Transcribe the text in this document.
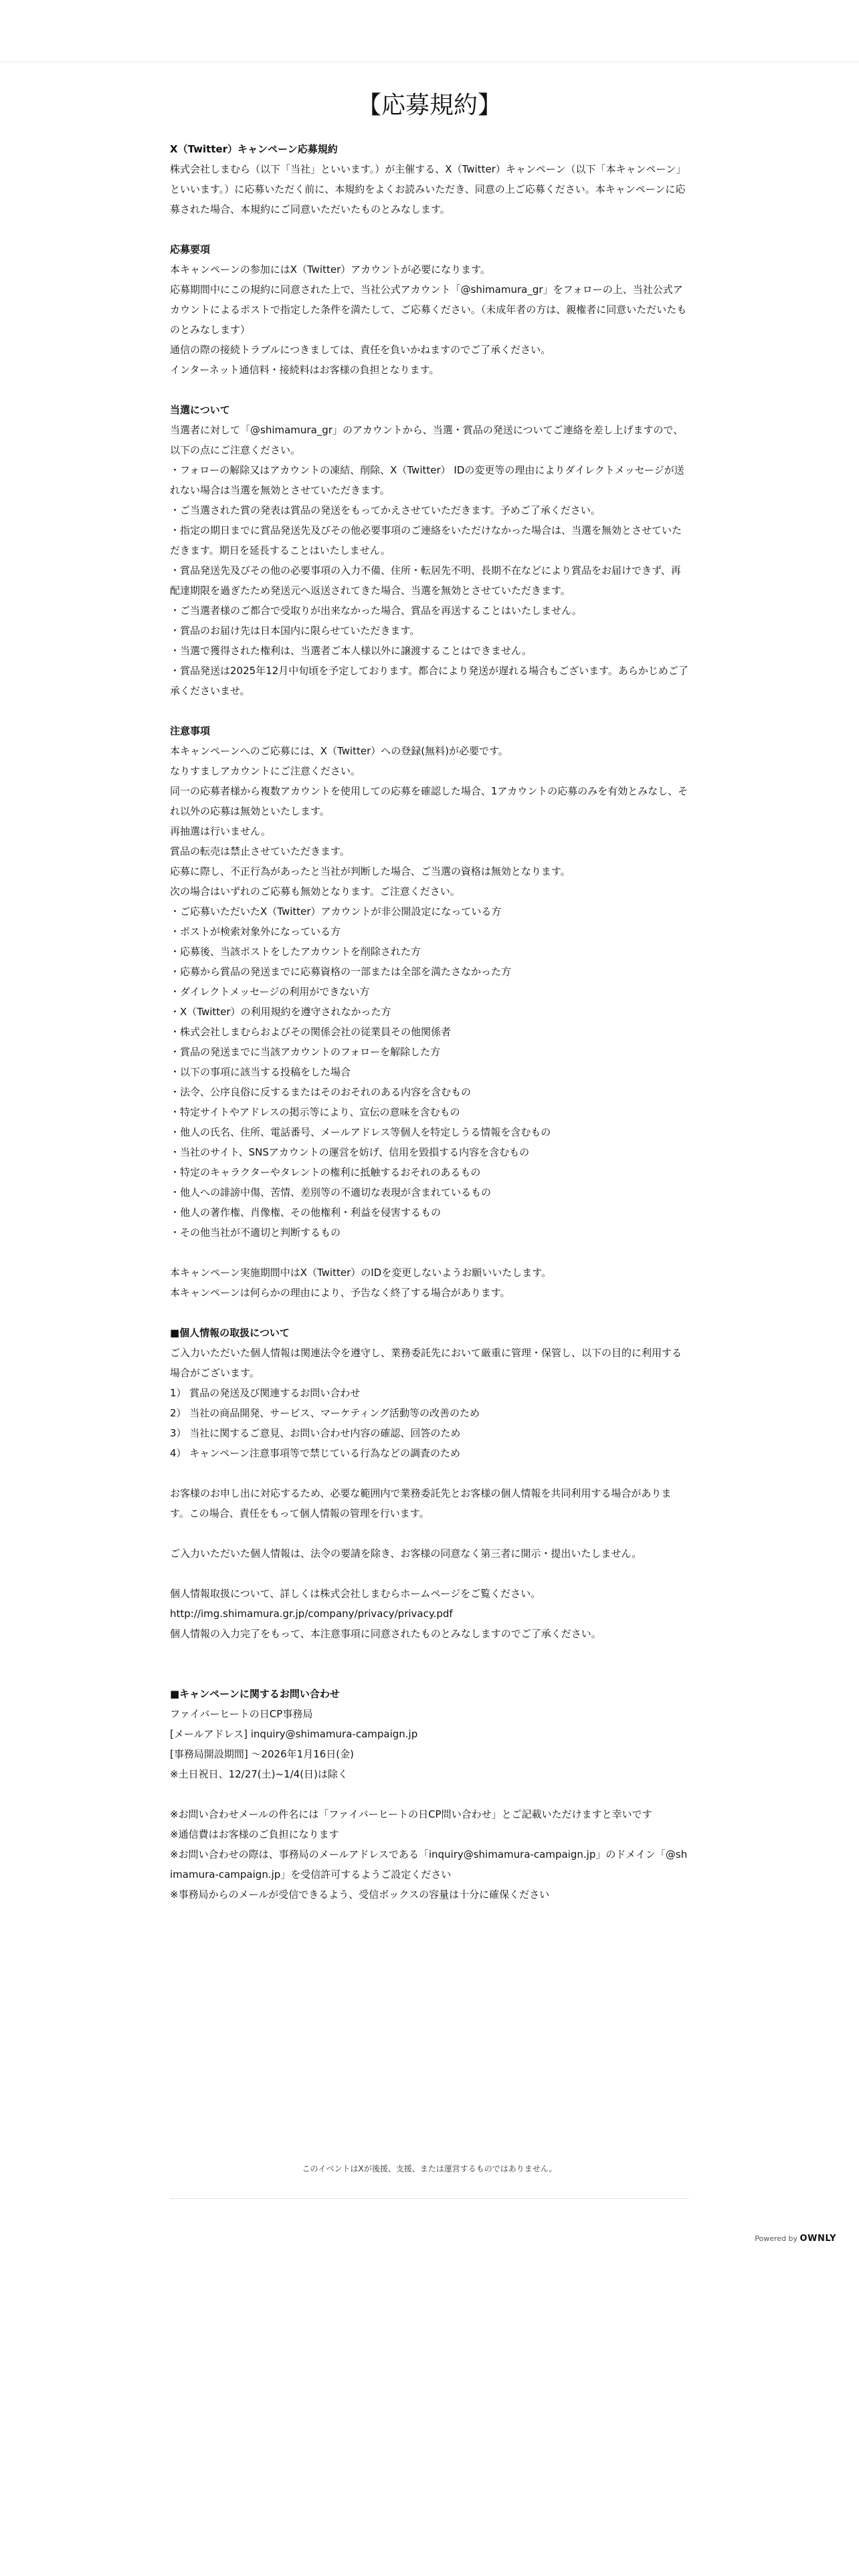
【応募規約】
X（Twitter）キャンペーン応募規約
株式会社しまむら（以下「当社」といいます。）が主催する、X（Twitter）キャンペーン（以下「本キャンペーン」といいます。）に応募いただく前に、本規約をよくお読みいただき、同意の上ご応募ください。本キャンペーンに応募された場合、本規約にご同意いただいたものとみなします。
応募要項
本キャンペーンの参加にはX（Twitter）アカウントが必要になります。
応募期間中にこの規約に同意された上で、当社公式アカウント「@shimamura_gr」をフォローの上、当社公式アカウントによるポストで指定した条件を満たして、ご応募ください。（未成年者の方は、親権者に同意いただいたものとみなします）
通信の際の接続トラブルにつきましては、責任を負いかねますのでご了承ください。
インターネット通信料・接続料はお客様の負担となります。
当選について
当選者に対して「@shimamura_gr」のアカウントから、当選・賞品の発送についてご連絡を差し上げますので、以下の点にご注意ください。
・フォローの解除又はアカウントの凍結、削除、X（Twitter） IDの変更等の理由によりダイレクトメッセージが送れない場合は当選を無効とさせていただきます。
・ご当選された賞の発表は賞品の発送をもってかえさせていただきます。予めご了承ください。
・指定の期日までに賞品発送先及びその他必要事項のご連絡をいただけなかった場合は、当選を無効とさせていただきます。期日を延長することはいたしません。
・賞品発送先及びその他の必要事項の入力不備、住所・転居先不明、長期不在などにより賞品をお届けできず、再配達期限を過ぎたため発送元へ返送されてきた場合、当選を無効とさせていただきます。
・ご当選者様のご都合で受取りが出来なかった場合、賞品を再送することはいたしません。
・賞品のお届け先は日本国内に限らせていただきます。
・当選で獲得された権利は、当選者ご本人様以外に譲渡することはできません。
・賞品発送は2025年12月中旬頃を予定しております。都合により発送が遅れる場合もございます。あらかじめご了承くださいませ。
注意事項
本キャンペーンへのご応募には、X（Twitter）への登録(無料)が必要です。
なりすましアカウントにご注意ください。
同一の応募者様から複数アカウントを使用しての応募を確認した場合、1アカウントの応募のみを有効とみなし、それ以外の応募は無効といたします。
再抽選は行いません。
賞品の転売は禁止させていただきます。
応募に際し、不正行為があったと当社が判断した場合、ご当選の資格は無効となります。
次の場合はいずれのご応募も無効となります。ご注意ください。
・ご応募いただいたX（Twitter）アカウントが非公開設定になっている方
・ポストが検索対象外になっている方
・応募後、当該ポストをしたアカウントを削除された方
・応募から賞品の発送までに応募資格の一部または全部を満たさなかった方
・ダイレクトメッセージの利用ができない方
・X（Twitter）の利用規約を遵守されなかった方
・株式会社しまむらおよびその関係会社の従業員その他関係者
・賞品の発送までに当該アカウントのフォローを解除した方
・以下の事項に該当する投稿をした場合
・法令、公序良俗に反するまたはそのおそれのある内容を含むもの
・特定サイトやアドレスの掲示等により、宣伝の意味を含むもの
・他人の氏名、住所、電話番号、メールアドレス等個人を特定しうる情報を含むもの
・当社のサイト、SNSアカウントの運営を妨げ、信用を毀損する内容を含むもの
・特定のキャラクターやタレントの権利に抵触するおそれのあるもの
・他人への誹謗中傷、苦情、差別等の不適切な表現が含まれているもの
・他人の著作権、肖像権、その他権利・利益を侵害するもの
・その他当社が不適切と判断するもの
本キャンペーン実施期間中はX（Twitter）のIDを変更しないようお願いいたします。
本キャンペーンは何らかの理由により、予告なく終了する場合があります。
■個人情報の取扱について
ご入力いただいた個人情報は関連法令を遵守し、業務委託先において厳重に管理・保管し、以下の目的に利用する場合がございます。
1） 賞品の発送及び関連するお問い合わせ
2） 当社の商品開発、サービス、マーケティング活動等の改善のため
3） 当社に関するご意見、お問い合わせ内容の確認、回答のため
4） キャンペーン注意事項等で禁じている行為などの調査のため
お客様のお申し出に対応するため、必要な範囲内で業務委託先とお客様の個人情報を共同利用する場合があります。この場合、責任をもって個人情報の管理を行います。
ご入力いただいた個人情報は、法令の要請を除き、お客様の同意なく第三者に開示・提出いたしません。
個人情報取扱について、詳しくは株式会社しまむらホームページをご覧ください。
http://img.shimamura.gr.jp/company/privacy/privacy.pdf
個人情報の入力完了をもって、本注意事項に同意されたものとみなしますのでご了承ください。
■キャンペーンに関するお問い合わせ
ファイバーヒートの日CP事務局
[メールアドレス] inquiry@shimamura-campaign.jp
[事務局開設期間] 〜2026年1月16日(金)
※土日祝日、12/27(土)~1/4(日)は除く
※お問い合わせメールの件名には「ファイバーヒートの日CP問い合わせ」とご記載いただけますと幸いです
※通信費はお客様のご負担になります
※お問い合わせの際は、事務局のメールアドレスである「inquiry@shimamura-campaign.jp」のドメイン「@shimamura-campaign.jp」を受信許可するようご設定ください
※事務局からのメールが受信できるよう、受信ボックスの容量は十分に確保ください
このイベントはXが後援、支援、または運営するものではありません。
Powered by OWNLY
